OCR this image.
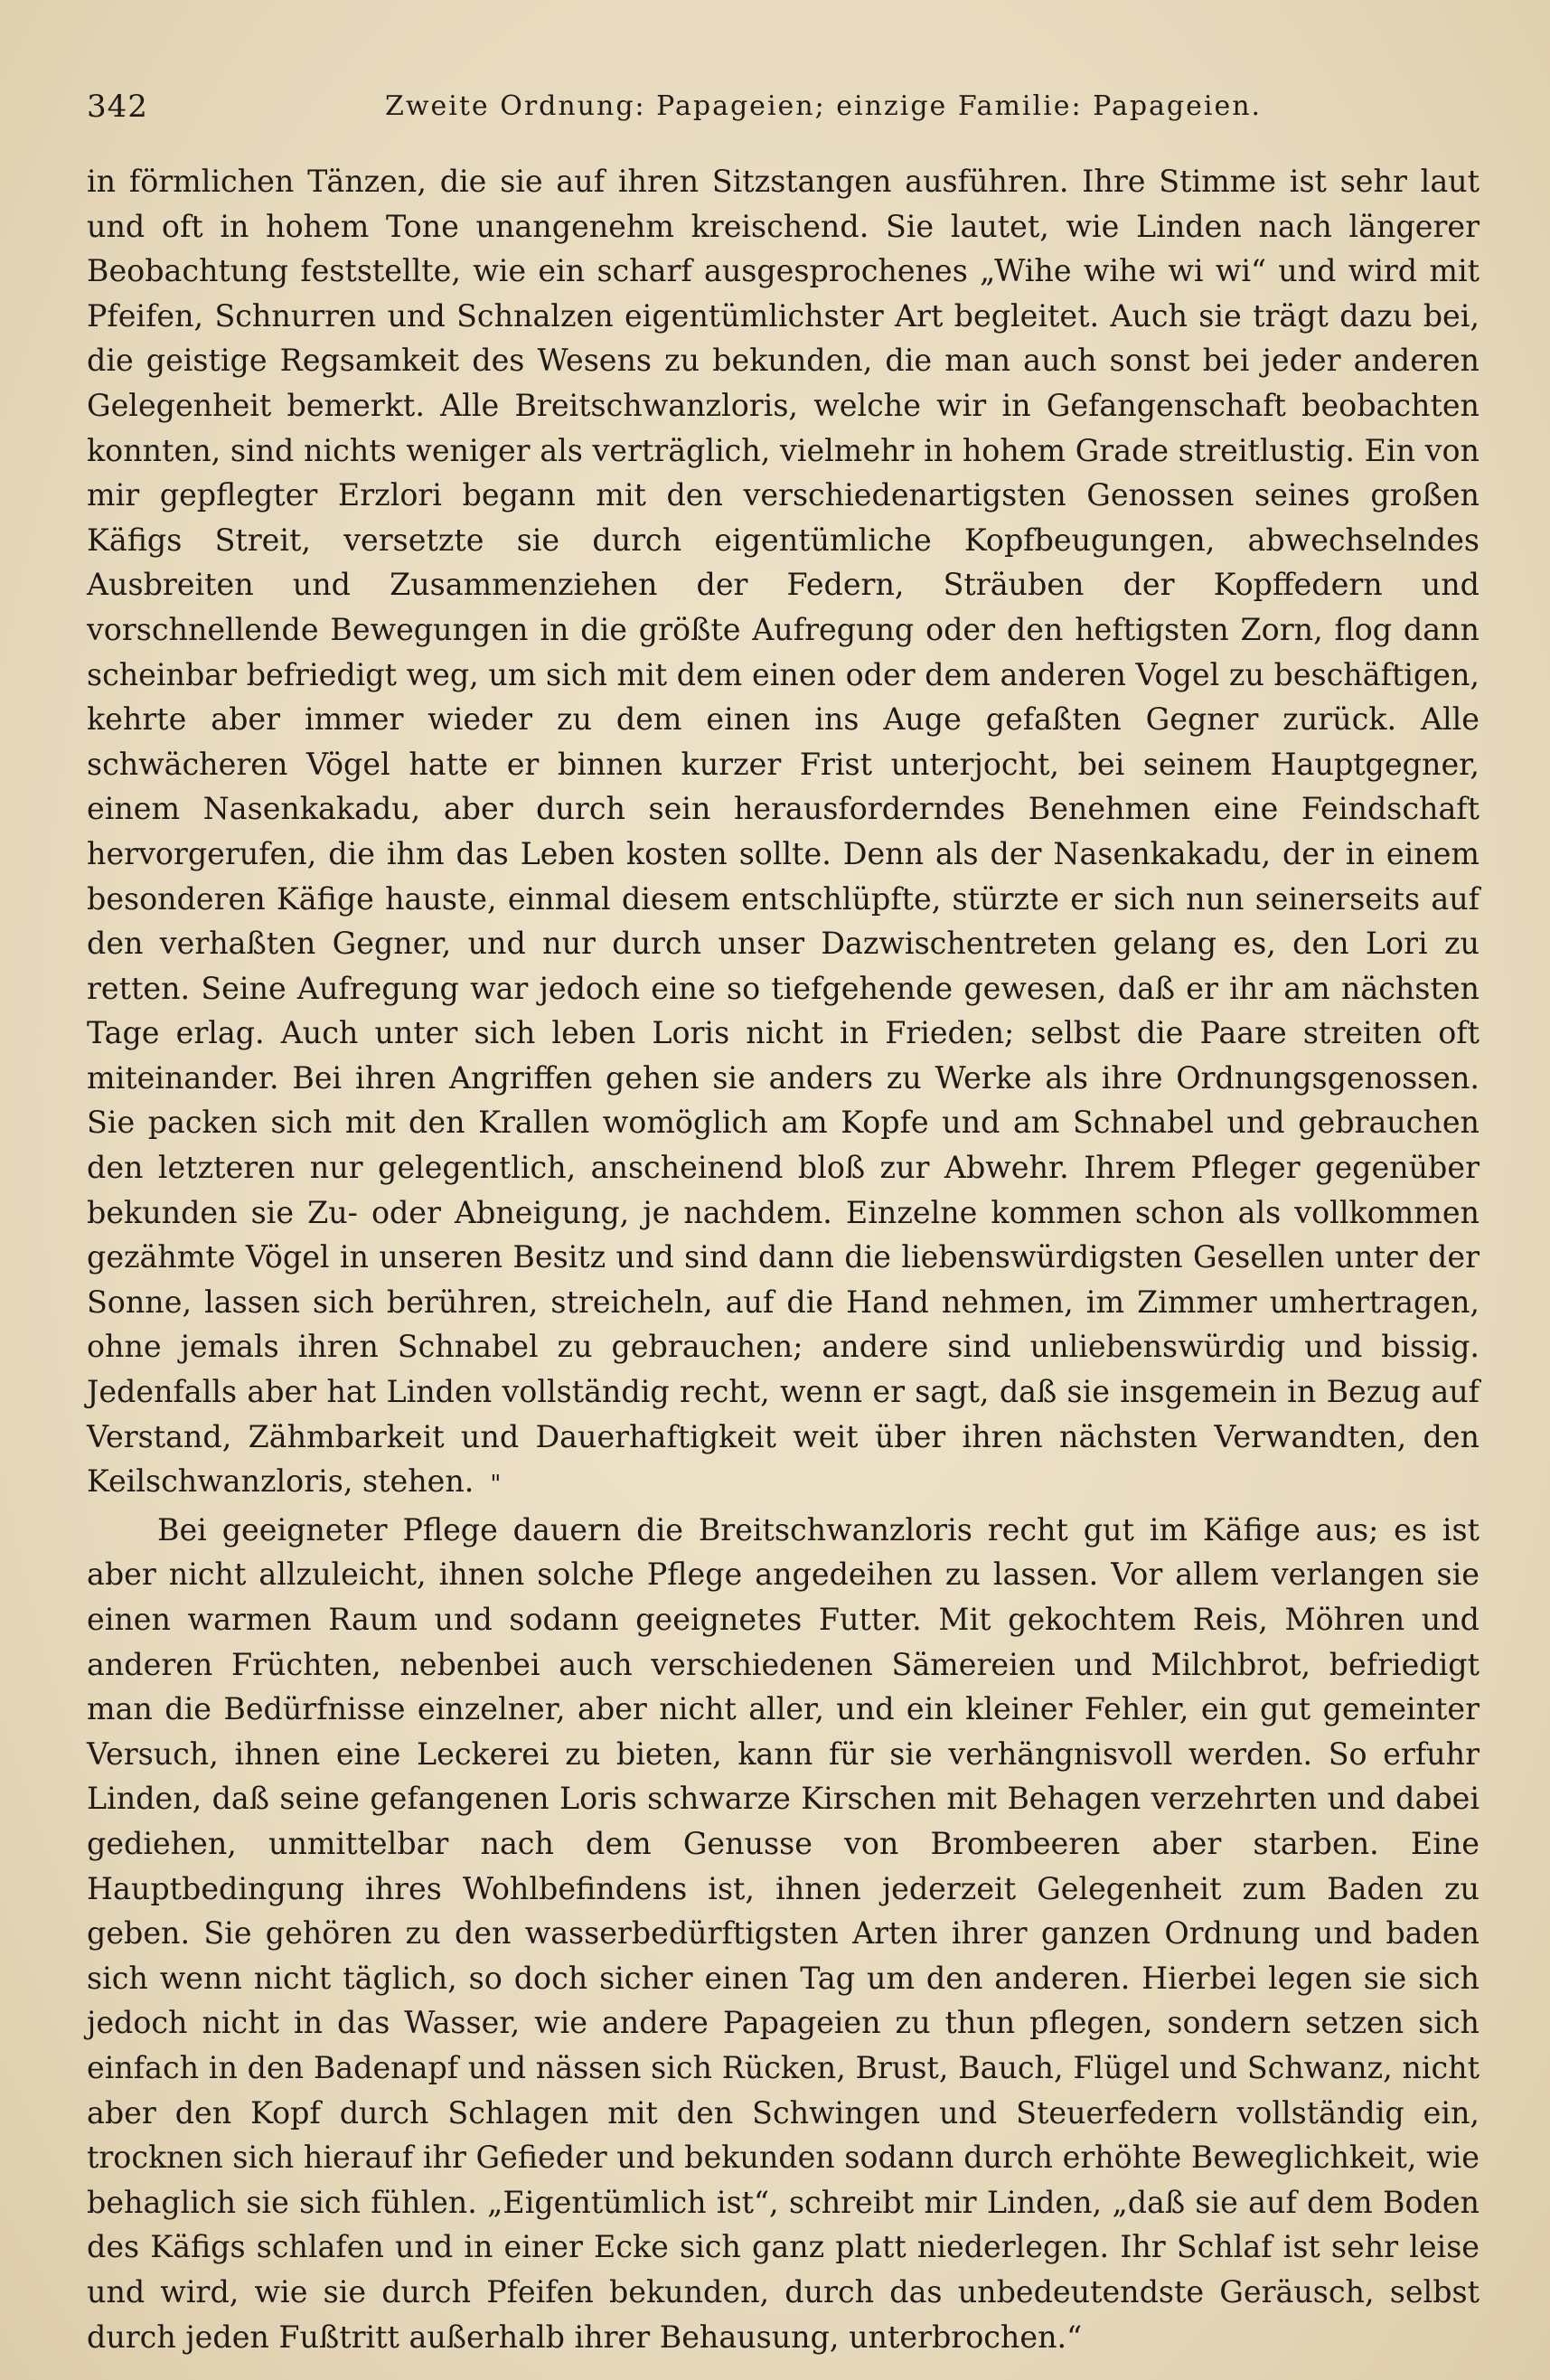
342	Zweite Ordnung: Papageien; einzige Familie: Papageien.

in förmlichen Tänzen, die sie auf ihren Sitzstangen ausführen. Ihre Stimme ist sehr laut und oft in hohem Tone unangenehm kreischend. Sie lautet, wie Linden nach längerer Beobachtung feststellte, wie ein scharf ausgesprochenes „Wihe wihe wi wi“ und wird mit Pfeifen, Schnurren und Schnalzen eigentümlichster Art begleitet. Auch sie trägt dazu bei, die geistige Regsamkeit des Wesens zu bekunden, die man auch sonst bei jeder anderen Gelegenheit bemerkt. Alle Breitschwanzloris, welche wir in Gefangenschaft beobachten konnten, sind nichts weniger als verträglich, vielmehr in hohem Grade streitlustig. Ein von mir gepflegter Erzlori begann mit den verschiedenartigsten Genossen seines großen Käfigs Streit, versetzte sie durch eigentümliche Kopfbeugungen, abwechselndes Ausbreiten und Zusammenziehen der Federn, Sträuben der Kopffedern und vorschnellende Bewegungen in die größte Aufregung oder den heftigsten Zorn, flog dann scheinbar befriedigt weg, um sich mit dem einen oder dem anderen Vogel zu beschäftigen, kehrte aber immer wieder zu dem einen ins Auge gefaßten Gegner zurück. Alle schwächeren Vögel hatte er binnen kurzer Frist unterjocht, bei seinem Hauptgegner, einem Nasenkakadu, aber durch sein herausforderndes Benehmen eine Feindschaft hervorgerufen, die ihm das Leben kosten sollte. Denn als der Nasenkakadu, der in einem besonderen Käfige hauste, einmal diesem entschlüpfte, stürzte er sich nun seinerseits auf den verhaßten Gegner, und nur durch unser Dazwischentreten gelang es, den Lori zu retten. Seine Aufregung war jedoch eine so tiefgehende gewesen, daß er ihr am nächsten Tage erlag. Auch unter sich leben Loris nicht in Frieden; selbst die Paare streiten oft miteinander. Bei ihren Angriffen gehen sie anders zu Werke als ihre Ordnungsgenossen. Sie packen sich mit den Krallen womöglich am Kopfe und am Schnabel und gebrauchen den letzteren nur gelegentlich, anscheinend bloß zur Abwehr. Ihrem Pfleger gegenüber bekunden sie Zu- oder Abneigung, je nachdem. Einzelne kommen schon als vollkommen gezähmte Vögel in unseren Besitz und sind dann die liebenswürdigsten Gesellen unter der Sonne, lassen sich berühren, streicheln, auf die Hand nehmen, im Zimmer umhertragen, ohne jemals ihren Schnabel zu gebrauchen; andere sind unliebenswürdig und bissig. Jedenfalls aber hat Linden vollständig recht, wenn er sagt, daß sie insgemein in Bezug auf Verstand, Zähmbarkeit und Dauerhaftigkeit weit über ihren nächsten Verwandten, den Keilschwanzloris, stehen. "

Bei geeigneter Pflege dauern die Breitschwanzloris recht gut im Käfige aus; es ist aber nicht allzuleicht, ihnen solche Pflege angedeihen zu lassen. Vor allem verlangen sie einen warmen Raum und sodann geeignetes Futter. Mit gekochtem Reis, Möhren und anderen Früchten, nebenbei auch verschiedenen Sämereien und Milchbrot, befriedigt man die Bedürfnisse einzelner, aber nicht aller, und ein kleiner Fehler, ein gut gemeinter Versuch, ihnen eine Leckerei zu bieten, kann für sie verhängnisvoll werden. So erfuhr Linden, daß seine gefangenen Loris schwarze Kirschen mit Behagen verzehrten und dabei gediehen, unmittelbar nach dem Genusse von Brombeeren aber starben. Eine Hauptbedingung ihres Wohlbefindens ist, ihnen jederzeit Gelegenheit zum Baden zu geben. Sie gehören zu den wasserbedürftigsten Arten ihrer ganzen Ordnung und baden sich wenn nicht täglich, so doch sicher einen Tag um den anderen. Hierbei legen sie sich jedoch nicht in das Wasser, wie andere Papageien zu thun pflegen, sondern setzen sich einfach in den Badenapf und nässen sich Rücken, Brust, Bauch, Flügel und Schwanz, nicht aber den Kopf durch Schlagen mit den Schwingen und Steuerfedern vollständig ein, trocknen sich hierauf ihr Gefieder und bekunden sodann durch erhöhte Beweglichkeit, wie behaglich sie sich fühlen. „Eigentümlich ist“, schreibt mir Linden, „daß sie auf dem Boden des Käfigs schlafen und in einer Ecke sich ganz platt niederlegen. Ihr Schlaf ist sehr leise und wird, wie sie durch Pfeifen bekunden, durch das unbedeutendste Geräusch, selbst durch jeden Fußtritt außerhalb ihrer Behausung, unterbrochen.“
